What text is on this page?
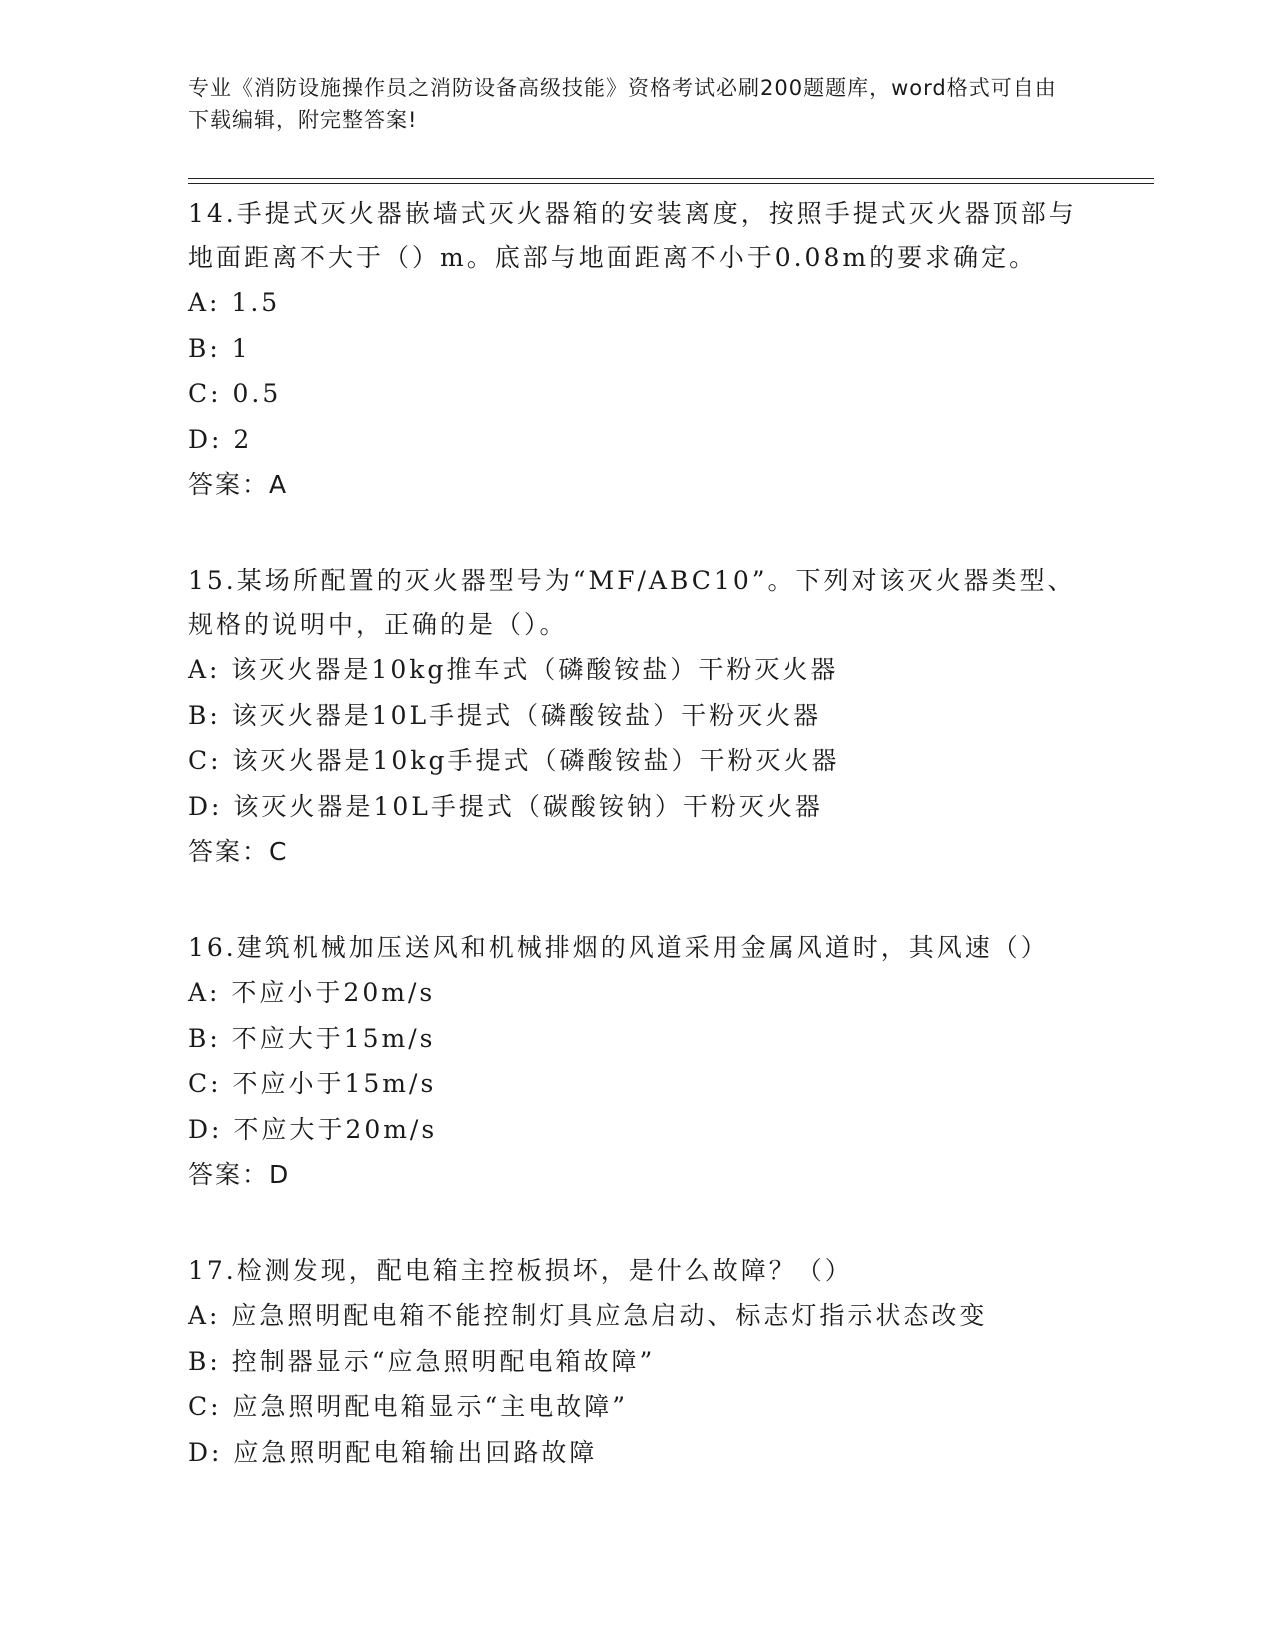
专业《消防设施操作员之消防设备高级技能》资格考试必刷200题题库，word格式可自由下载编辑，附完整答案!

14.手提式灭火器嵌墙式灭火器箱的安装离度，按照手提式灭火器顶部与地面距离不大于（）m。底部与地面距离不小于0.08m的要求确定。

A: 1.5

B: 1

C: 0.5

D: 2

答案：A

15.某场所配置的灭火器型号为“MF/ABC10”。下列对该灭火器类型、规格的说明中，正确的是（）。

A: 该灭火器是10kg推车式（磷酸铵盐）干粉灭火器

B: 该灭火器是10L手提式（磷酸铵盐）干粉灭火器

C: 该灭火器是10kg手提式（磷酸铵盐）干粉灭火器

D: 该灭火器是10L手提式（碳酸铵钠）干粉灭火器

答案：C

16.建筑机械加压送风和机械排烟的风道采用金属风道时，其风速（）

A: 不应小于20m/s

B: 不应大于15m/s

C: 不应小于15m/s

D: 不应大于20m/s

答案：D

17.检测发现，配电箱主控板损坏，是什么故障？（）

A: 应急照明配电箱不能控制灯具应急启动、标志灯指示状态改变

B: 控制器显示“应急照明配电箱故障”

C: 应急照明配电箱显示“主电故障”

D: 应急照明配电箱输出回路故障
